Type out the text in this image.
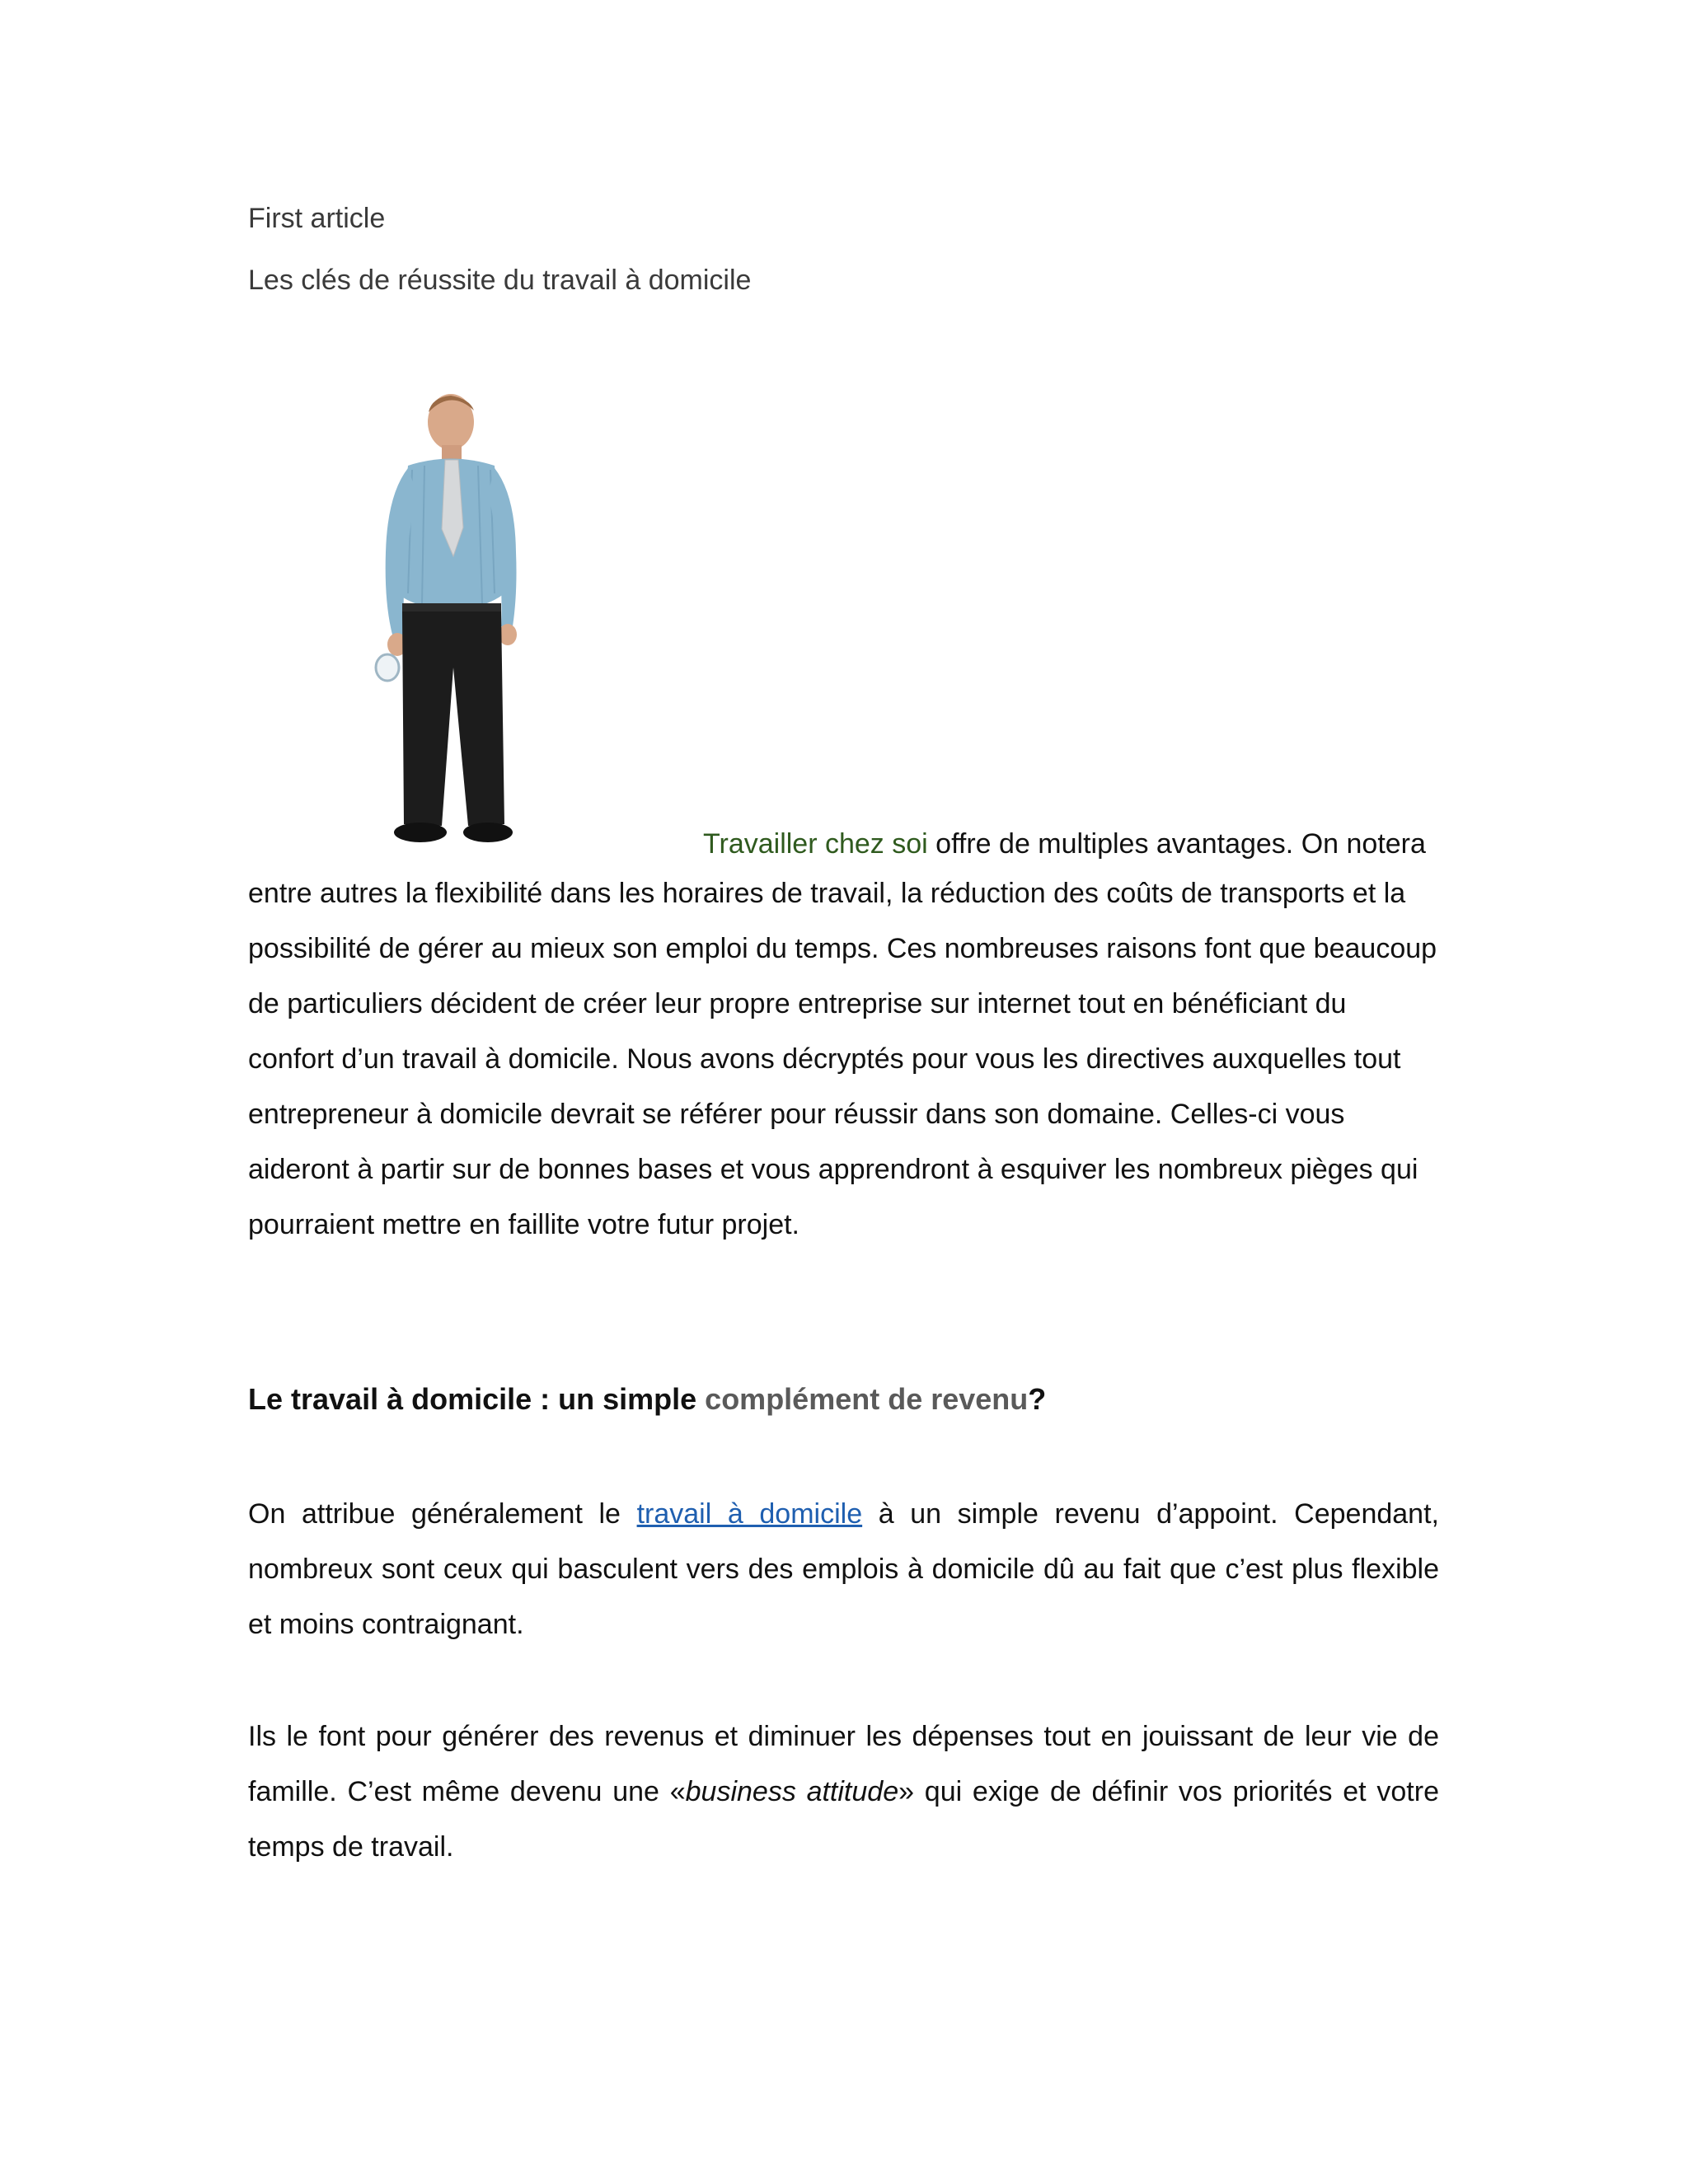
First article
Les clés de réussite du travail à domicile
Travailler chez soi offre de multiples avantages. On notera
entre autres la flexibilité dans les horaires de travail, la réduction des coûts de transports et la
possibilité de gérer au mieux son emploi du temps. Ces nombreuses raisons font que beaucoup
de particuliers décident de créer leur propre entreprise sur internet tout en bénéficiant du
confort d’un travail à domicile. Nous avons décryptés pour vous les directives auxquelles tout
entrepreneur à domicile devrait se référer pour réussir dans son domaine. Celles-ci vous
aideront à partir sur de bonnes bases et vous apprendront à esquiver les nombreux pièges qui
pourraient mettre en faillite votre futur projet.
Le travail à domicile : un simple complément de revenu?
On attribue généralement le travail à domicile à un simple revenu d’appoint. Cependant,
nombreux sont ceux qui basculent vers des emplois à domicile dû au fait que c’est plus flexible
et moins contraignant.
Ils le font pour générer des revenus et diminuer les dépenses tout en jouissant de leur vie de
famille. C’est même devenu une «business attitude» qui exige de définir vos priorités et votre
temps de travail.
